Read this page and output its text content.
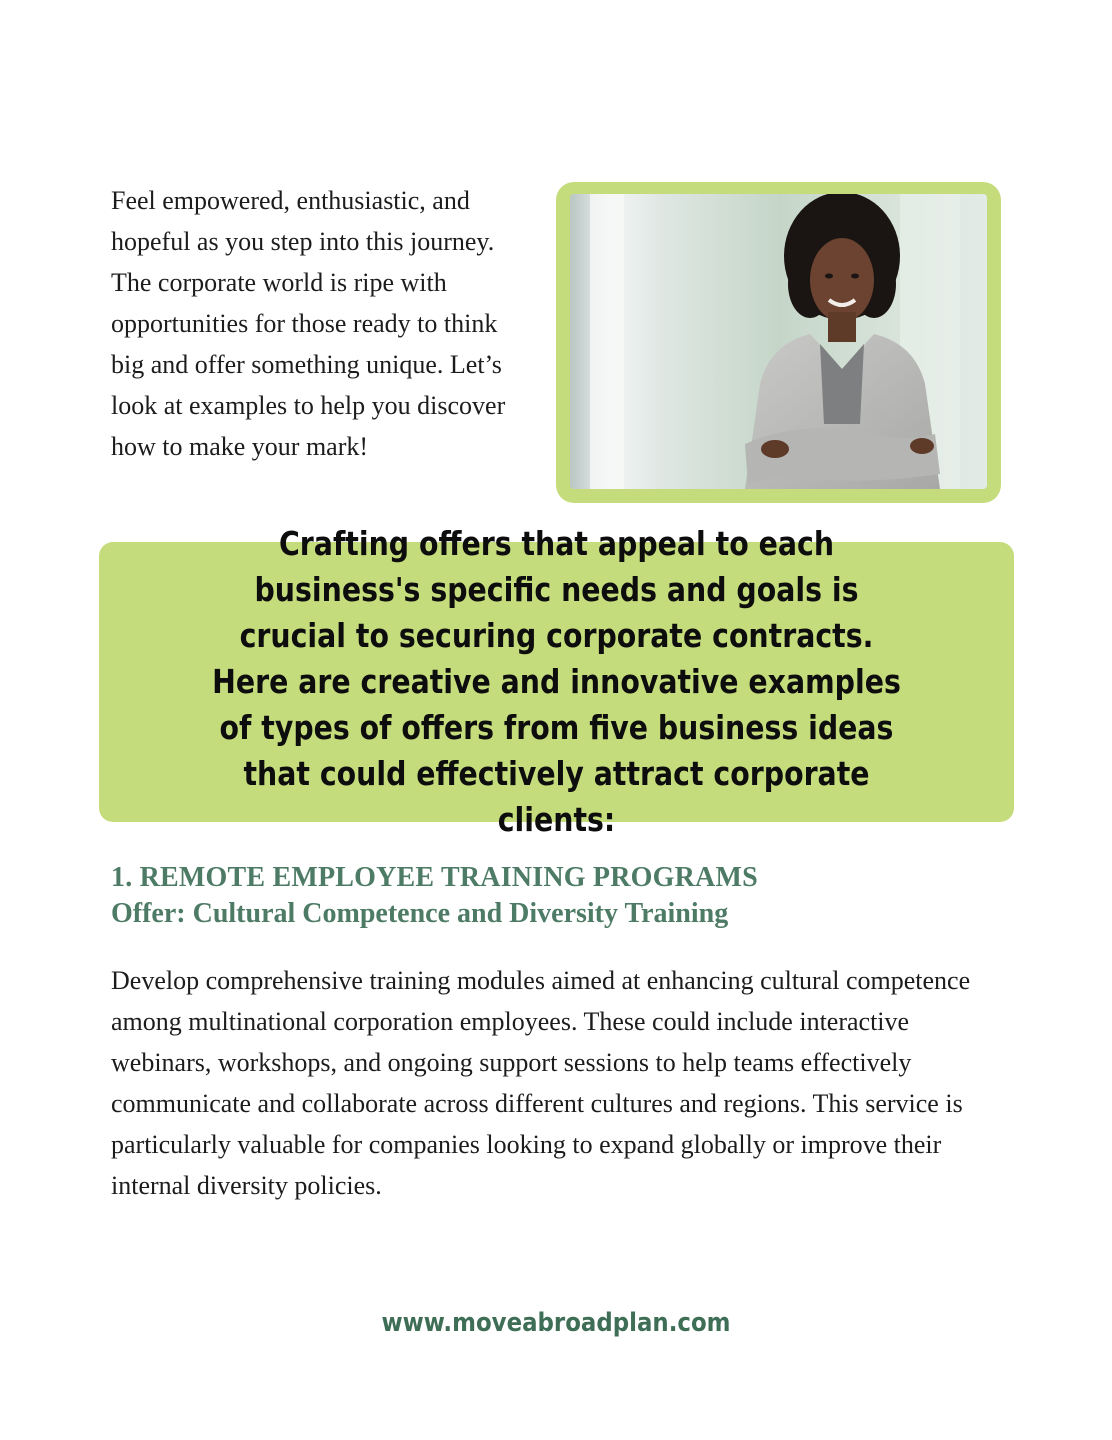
Feel empowered, enthusiastic, and hopeful as you step into this journey. The corporate world is ripe with opportunities for those ready to think big and offer something unique. Let’s look at examples to help you discover how to make your mark!

Crafting offers that appeal to each business's specific needs and goals is crucial to securing corporate contracts. Here are creative and innovative examples of types of offers from five business ideas that could effectively attract corporate clients:

1. REMOTE EMPLOYEE TRAINING PROGRAMS
Offer: Cultural Competence and Diversity Training

Develop comprehensive training modules aimed at enhancing cultural competence among multinational corporation employees. These could include interactive webinars, workshops, and ongoing support sessions to help teams effectively communicate and collaborate across different cultures and regions. This service is particularly valuable for companies looking to expand globally or improve their internal diversity policies.

www.moveabroadplan.com
